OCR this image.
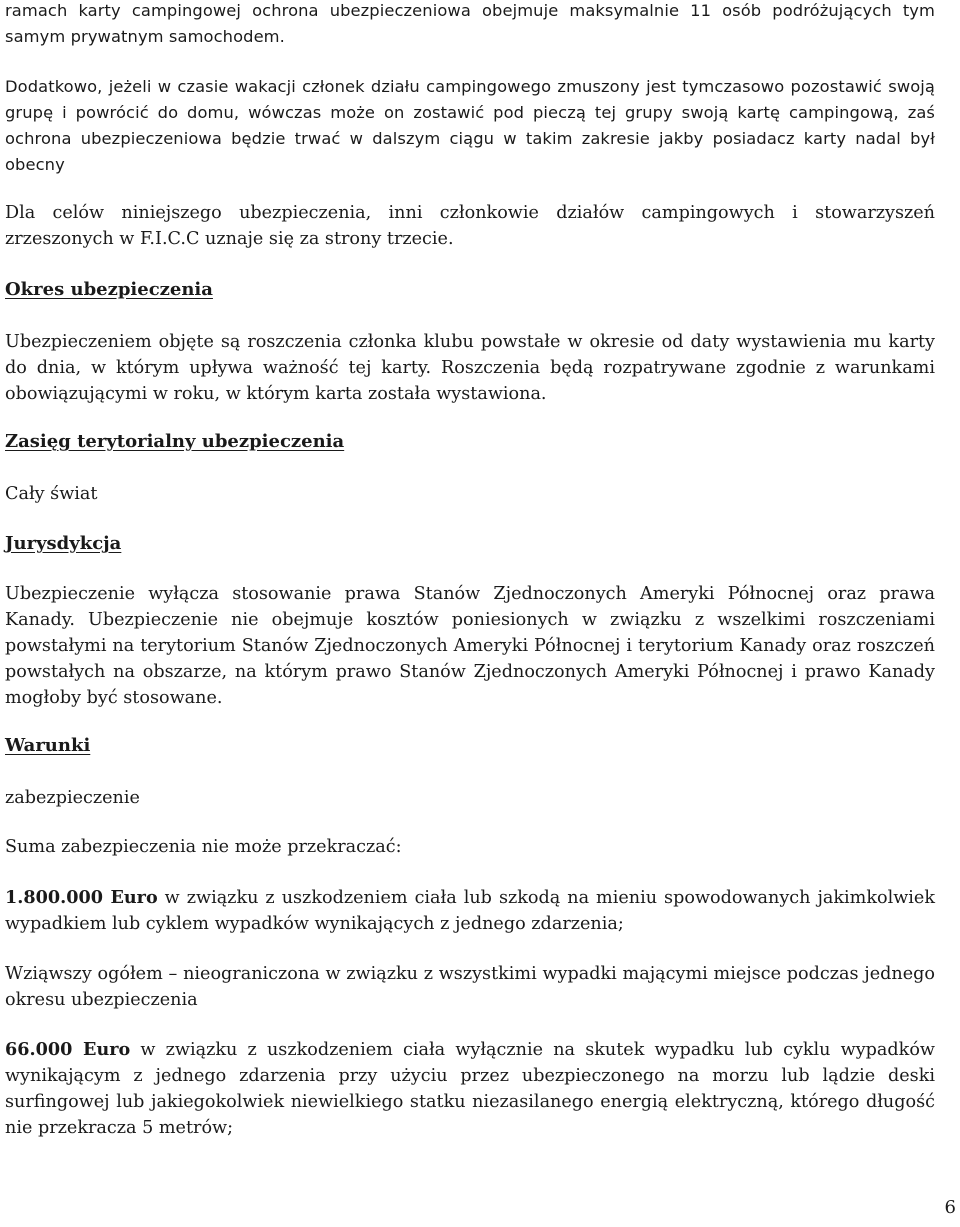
ramach karty campingowej ochrona ubezpieczeniowa obejmuje maksymalnie 11 osób podróżujących tym samym prywatnym samochodem.

Dodatkowo, jeżeli w czasie wakacji członek działu campingowego zmuszony jest tymczasowo pozostawić swoją grupę i powrócić do domu, wówczas może on zostawić pod pieczą tej grupy swoją kartę campingową, zaś ochrona ubezpieczeniowa będzie trwać w dalszym ciągu w takim zakresie jakby posiadacz karty nadal był obecny

Dla celów niniejszego ubezpieczenia, inni członkowie działów campingowych i stowarzyszeń zrzeszonych w F.I.C.C uznaje się za strony trzecie.

Okres ubezpieczenia

Ubezpieczeniem objęte są roszczenia członka klubu powstałe w okresie od daty wystawienia mu karty do dnia, w którym upływa ważność tej karty. Roszczenia będą rozpatrywane zgodnie z warunkami obowiązującymi w roku, w którym karta została wystawiona.

Zasięg terytorialny ubezpieczenia

Cały świat

Jurysdykcja

Ubezpieczenie wyłącza stosowanie prawa Stanów Zjednoczonych Ameryki Północnej oraz prawa Kanady. Ubezpieczenie nie obejmuje kosztów poniesionych w związku z wszelkimi roszczeniami powstałymi na terytorium Stanów Zjednoczonych Ameryki Północnej i terytorium Kanady oraz roszczeń powstałych na obszarze, na którym prawo Stanów Zjednoczonych Ameryki Północnej i prawo Kanady mogłoby być stosowane.

Warunki

zabezpieczenie

Suma zabezpieczenia nie może przekraczać:

1.800.000 Euro w związku z uszkodzeniem ciała lub szkodą na mieniu spowodowanych jakimkolwiek wypadkiem lub cyklem wypadków wynikających z jednego zdarzenia;

Wziąwszy ogółem – nieograniczona w związku z wszystkimi wypadki mającymi miejsce podczas jednego okresu ubezpieczenia

66.000 Euro w związku z uszkodzeniem ciała wyłącznie na skutek wypadku lub cyklu wypadków wynikającym z jednego zdarzenia przy użyciu przez ubezpieczonego na morzu lub lądzie deski surfingowej lub jakiegokolwiek niewielkiego statku niezasilanego energią elektryczną, którego długość nie przekracza 5 metrów;

6
